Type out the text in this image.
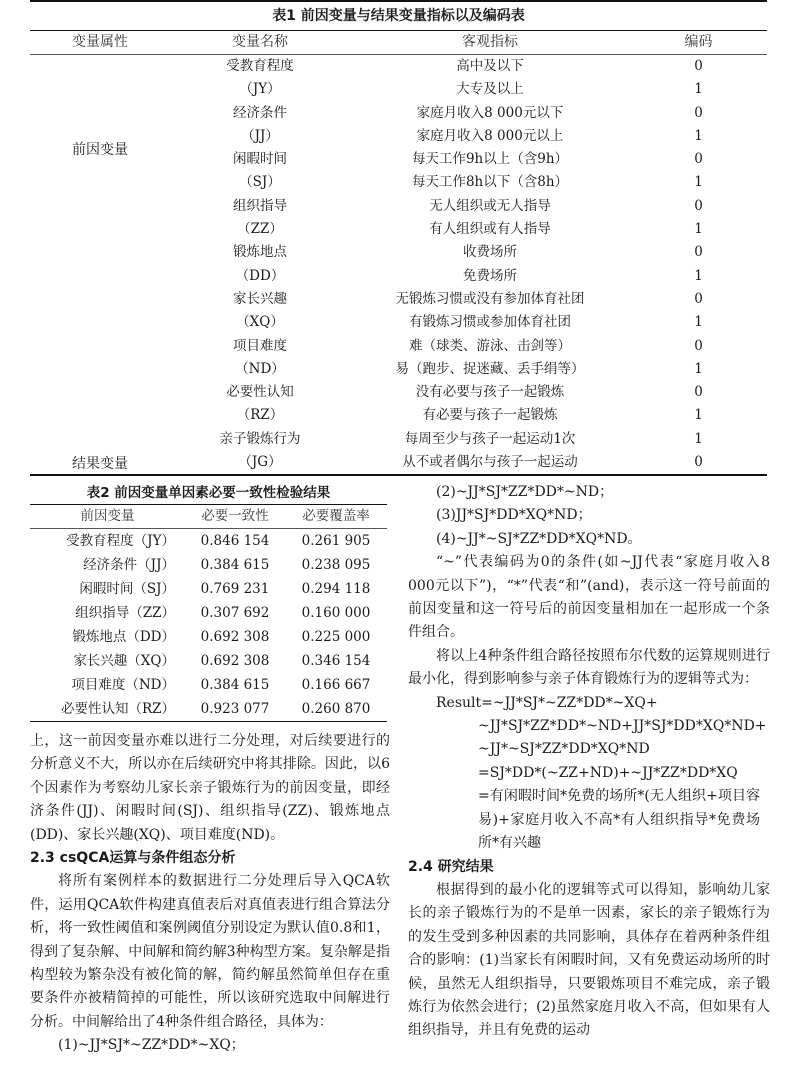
表1 前因变量与结果变量指标以及编码表
变量属性	变量名称	客观指标	编码
前因变量
结果变量
受教育程度	高中及以下	0
（JY）	大专及以上	1
经济条件	家庭月收入8 000元以下	0
（JJ）	家庭月收入8 000元以上	1
闲暇时间	每天工作9h以上（含9h）	0
（SJ）	每天工作8h以下（含8h）	1
组织指导	无人组织或无人指导	0
（ZZ）	有人组织或有人指导	1
锻炼地点	收费场所	0
（DD）	免费场所	1
家长兴趣	无锻炼习惯或没有参加体育社团	0
（XQ）	有锻炼习惯或参加体育社团	1
项目难度	难（球类、游泳、击剑等）	0
（ND）	易（跑步、捉迷藏、丢手绢等）	1
必要性认知	没有必要与孩子一起锻炼	0
（RZ）	有必要与孩子一起锻炼	1
亲子锻炼行为	每周至少与孩子一起运动1次	1
（JG）	从不或者偶尔与孩子一起运动	0
表2 前因变量单因素必要一致性检验结果
前因变量	必要一致性	必要覆盖率
受教育程度（JY）	0.846 154	0.261 905
经济条件（JJ）	0.384 615	0.238 095
闲暇时间（SJ）	0.769 231	0.294 118
组织指导（ZZ）	0.307 692	0.160 000
锻炼地点（DD）	0.692 308	0.225 000
家长兴趣（XQ）	0.692 308	0.346 154
项目难度（ND）	0.384 615	0.166 667
必要性认知（RZ）	0.923 077	0.260 870

上，这一前因变量亦难以进行二分处理，对后续要进行的分析意义不大，所以亦在后续研究中将其排除。因此，以6个因素作为考察幼儿家长亲子锻炼行为的前因变量，即经济条件(JJ)、闲暇时间(SJ)、组织指导(ZZ)、锻炼地点(DD)、家长兴趣(XQ)、项目难度(ND)。

2.3 csQCA运算与条件组态分析

将所有案例样本的数据进行二分处理后导入QCA软件，运用QCA软件构建真值表后对真值表进行组合算法分析，将一致性阈值和案例阈值分别设定为默认值0.8和1，得到了复杂解、中间解和简约解3种构型方案。复杂解是指构型较为繁杂没有被化简的解，简约解虽然简单但存在重要条件亦被精简掉的可能性，所以该研究选取中间解进行分析。中间解给出了4种条件组合路径，具体为：

(1)~JJ*SJ*~ZZ*DD*~XQ；

(2)~JJ*SJ*ZZ*DD*~ND；

(3)JJ*SJ*DD*XQ*ND；

(4)~JJ*~SJ*ZZ*DD*XQ*ND。

“~”代表编码为0的条件(如~JJ代表“家庭月收入8 000元以下”)，“*”代表“和”(and)，表示这一符号前面的前因变量和这一符号后的前因变量相加在一起形成一个条件组合。

将以上4种条件组合路径按照布尔代数的运算规则进行最小化，得到影响参与亲子体育锻炼行为的逻辑等式为：

Result=~JJ*SJ*~ZZ*DD*~XQ+

~JJ*SJ*ZZ*DD*~ND+JJ*SJ*DD*XQ*ND+

~JJ*~SJ*ZZ*DD*XQ*ND

=SJ*DD*(~ZZ+ND)+~JJ*ZZ*DD*XQ

=有闲暇时间*免费的场所*(无人组织+项目容易)+家庭月收入不高*有人组织指导*免费场所*有兴趣

2.4 研究结果

根据得到的最小化的逻辑等式可以得知，影响幼儿家长的亲子锻炼行为的不是单一因素，家长的亲子锻炼行为的发生受到多种因素的共同影响，具体存在着两种条件组合的影响：(1)当家长有闲暇时间，又有免费运动场所的时候，虽然无人组织指导，只要锻炼项目不难完成，亲子锻炼行为依然会进行；(2)虽然家庭月收入不高，但如果有人组织指导，并且有免费的运动
